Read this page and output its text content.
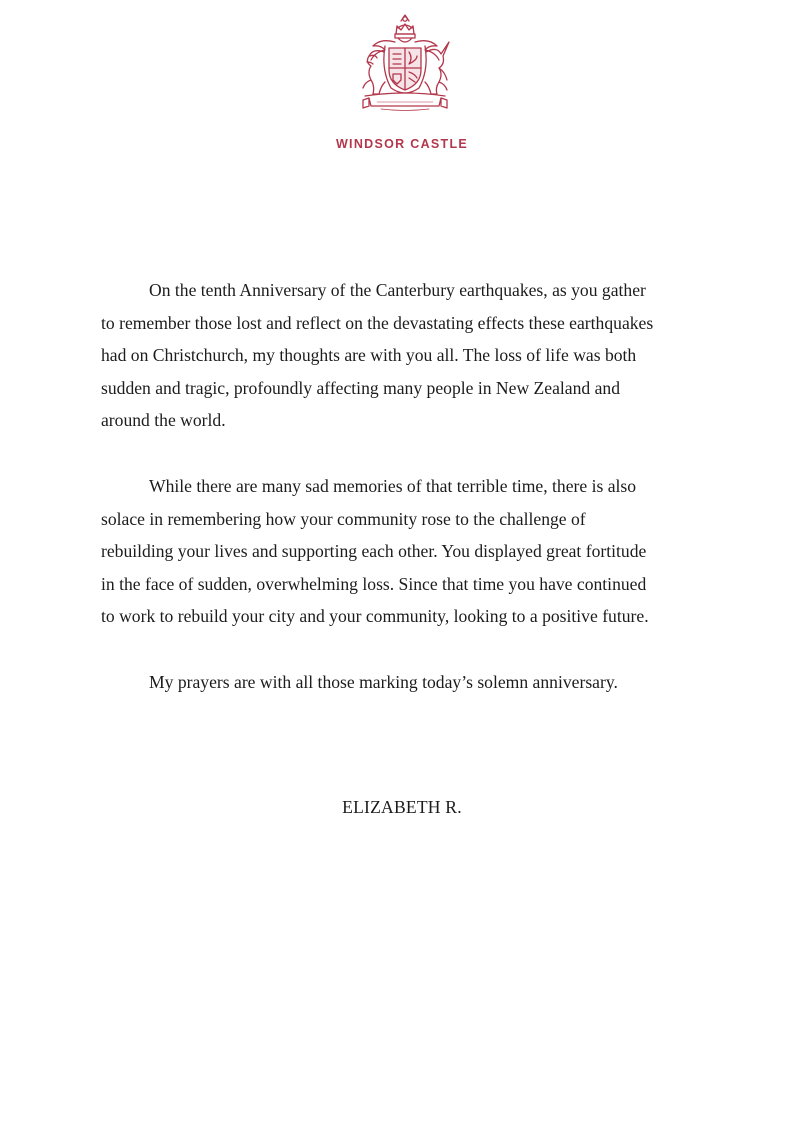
WINDSOR CASTLE

On the tenth Anniversary of the Canterbury earthquakes, as you gather
to remember those lost and reflect on the devastating effects these earthquakes
had on Christchurch, my thoughts are with you all. The loss of life was both
sudden and tragic, profoundly affecting many people in New Zealand and
around the world.

While there are many sad memories of that terrible time, there is also
solace in remembering how your community rose to the challenge of
rebuilding your lives and supporting each other. You displayed great fortitude
in the face of sudden, overwhelming loss. Since that time you have continued
to work to rebuild your city and your community, looking to a positive future.

My prayers are with all those marking today’s solemn anniversary.

ELIZABETH R.
